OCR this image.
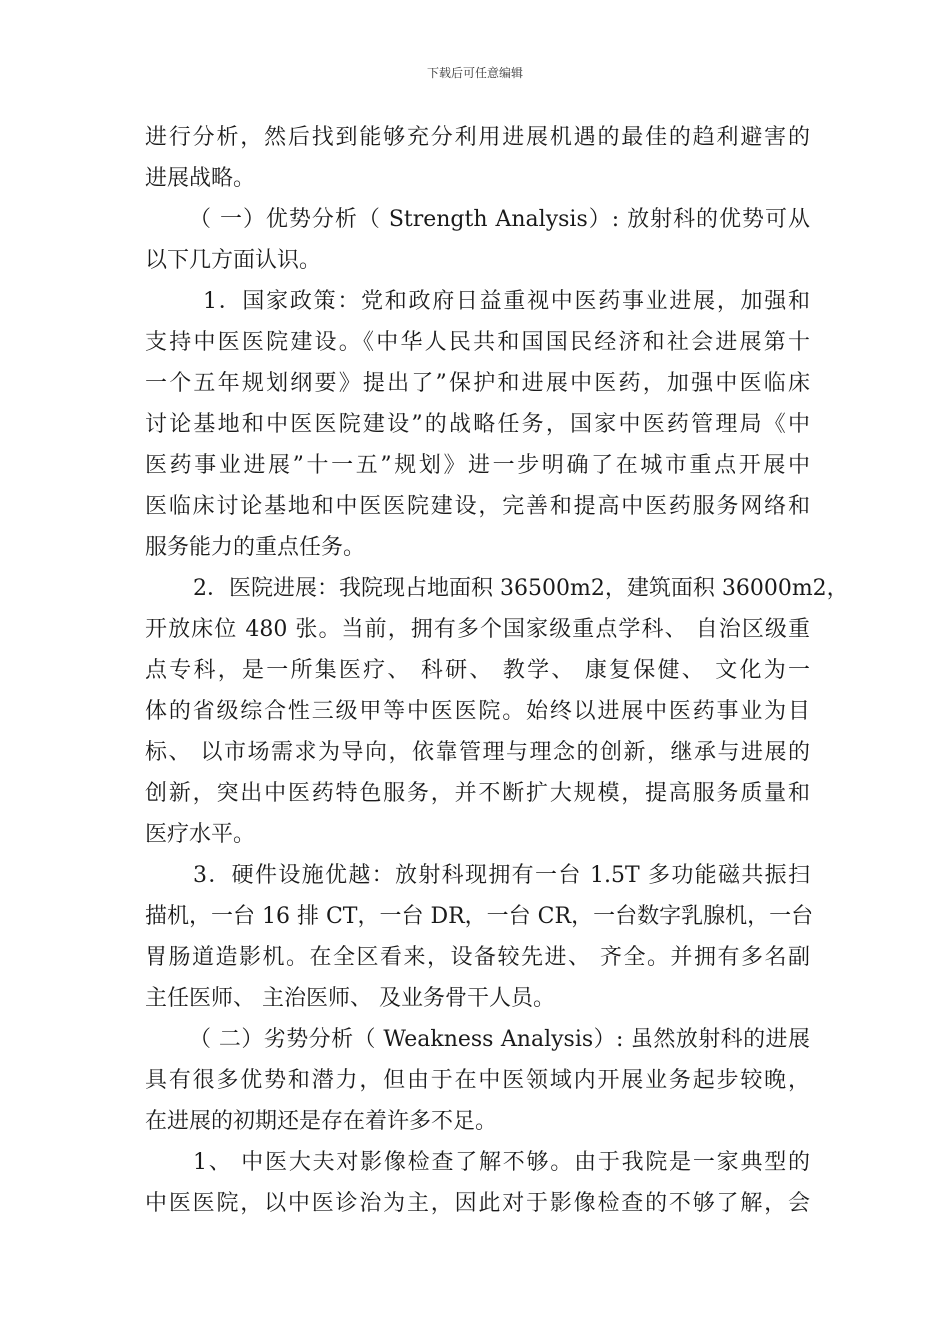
下载后可任意编辑
进行分析，然后找到能够充分利用进展机遇的最佳的趋利避害的
进展战略。
（ 一）优势分析（ Strength Analysis）: 放射科的优势可从
以下几方面认识。
1．国家政策：党和政府日益重视中医药事业进展，加强和
支持中医医院建设。《中华人民共和国国民经济和社会进展第十
一个五年规划纲要》提出了”保护和进展中医药，加强中医临床
讨论基地和中医医院建设”的战略任务，国家中医药管理局《中
医药事业进展”十一五”规划》进一步明确了在城市重点开展中
医临床讨论基地和中医医院建设，完善和提高中医药服务网络和
服务能力的重点任务。
2．医院进展：我院现占地面积 36500m2，建筑面积 36000m2，
开放床位 480 张。当前，拥有多个国家级重点学科、 自治区级重
点专科，是一所集医疗、 科研、 教学、 康复保健、 文化为一
体的省级综合性三级甲等中医医院。始终以进展中医药事业为目
标、 以市场需求为导向，依靠管理与理念的创新，继承与进展的
创新，突出中医药特色服务，并不断扩大规模，提高服务质量和
医疗水平。
3．硬件设施优越：放射科现拥有一台 1.5T 多功能磁共振扫
描机，一台 16 排 CT，一台 DR，一台 CR，一台数字乳腺机，一台
胃肠道造影机。在全区看来，设备较先进、 齐全。并拥有多名副
主任医师、 主治医师、 及业务骨干人员。
（ 二）劣势分析（ Weakness Analysis）: 虽然放射科的进展
具有很多优势和潜力，但由于在中医领域内开展业务起步较晚，
在进展的初期还是存在着许多不足。
1、 中医大夫对影像检查了解不够。由于我院是一家典型的
中医医院，以中医诊治为主，因此对于影像检查的不够了解，会
